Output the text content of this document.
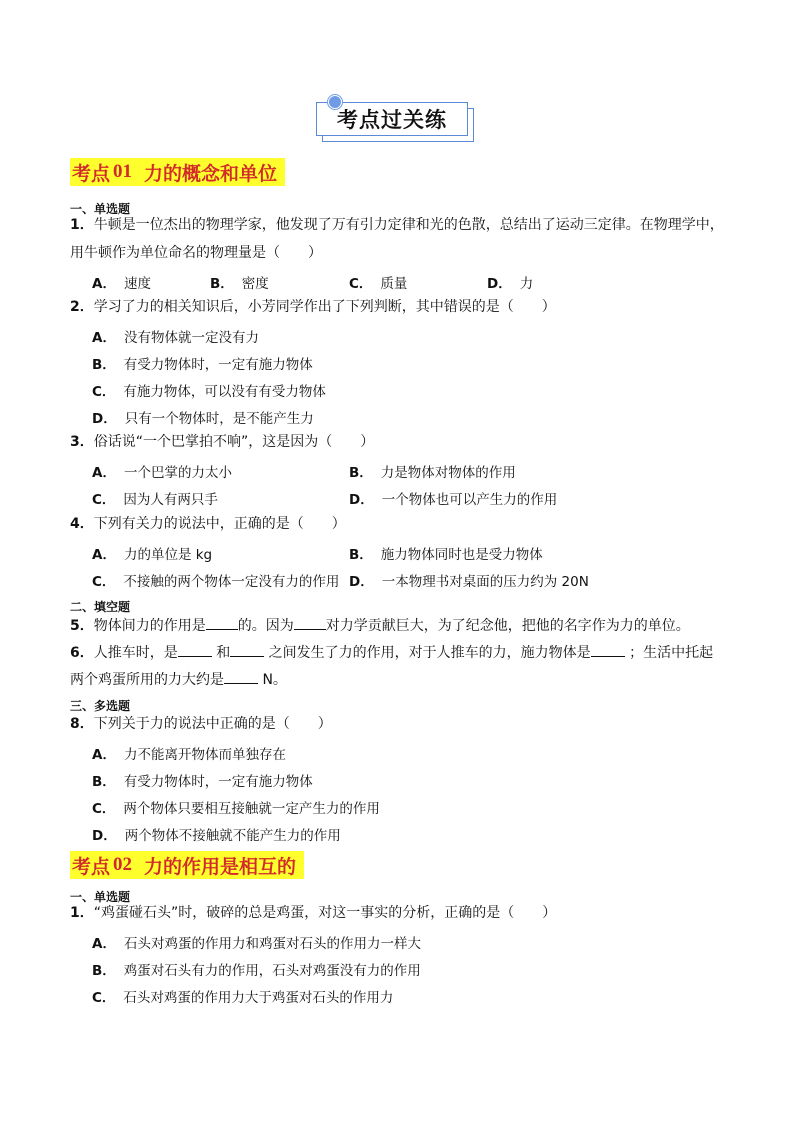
考点过关练
考点 01 力的概念和单位
一、单选题
1．牛顿是一位杰出的物理学家，他发现了万有引力定律和光的色散，总结出了运动三定律。在物理学中，
用牛顿作为单位命名的物理量是（　　）
A． 速度	B． 密度	C． 质量	D． 力
2．学习了力的相关知识后，小芳同学作出了下列判断，其中错误的是（　　）
A． 没有物体就一定没有力
B． 有受力物体时，一定有施力物体
C． 有施力物体，可以没有有受力物体
D． 只有一个物体时，是不能产生力
3．俗话说“一个巴掌拍不响”，这是因为（　　）
A． 一个巴掌的力太小	B． 力是物体对物体的作用
C． 因为人有两只手	D． 一个物体也可以产生力的作用
4．下列有关力的说法中，正确的是（　　）
A． 力的单位是 kg	B． 施力物体同时也是受力物体
C． 不接触的两个物体一定没有力的作用 D． 一本物理书对桌面的压力约为 20N
二、填空题
5．物体间力的作用是 的。因为 对力学贡献巨大，为了纪念他，把他的名字作为力的单位。
6．人推车时，是 和 之间发生了力的作用，对于人推车的力，施力物体是 ；生活中托起
两个鸡蛋所用的力大约是 N。
三、多选题
8．下列关于力的说法中正确的是（　　）
A． 力不能离开物体而单独存在
B． 有受力物体时，一定有施力物体
C． 两个物体只要相互接触就一定产生力的作用
D． 两个物体不接触就不能产生力的作用
考点 02 力的作用是相互的
一、单选题
1．“鸡蛋碰石头”时，破碎的总是鸡蛋，对这一事实的分析，正确的是（　　）
A． 石头对鸡蛋的作用力和鸡蛋对石头的作用力一样大
B． 鸡蛋对石头有力的作用，石头对鸡蛋没有力的作用
C． 石头对鸡蛋的作用力大于鸡蛋对石头的作用力
